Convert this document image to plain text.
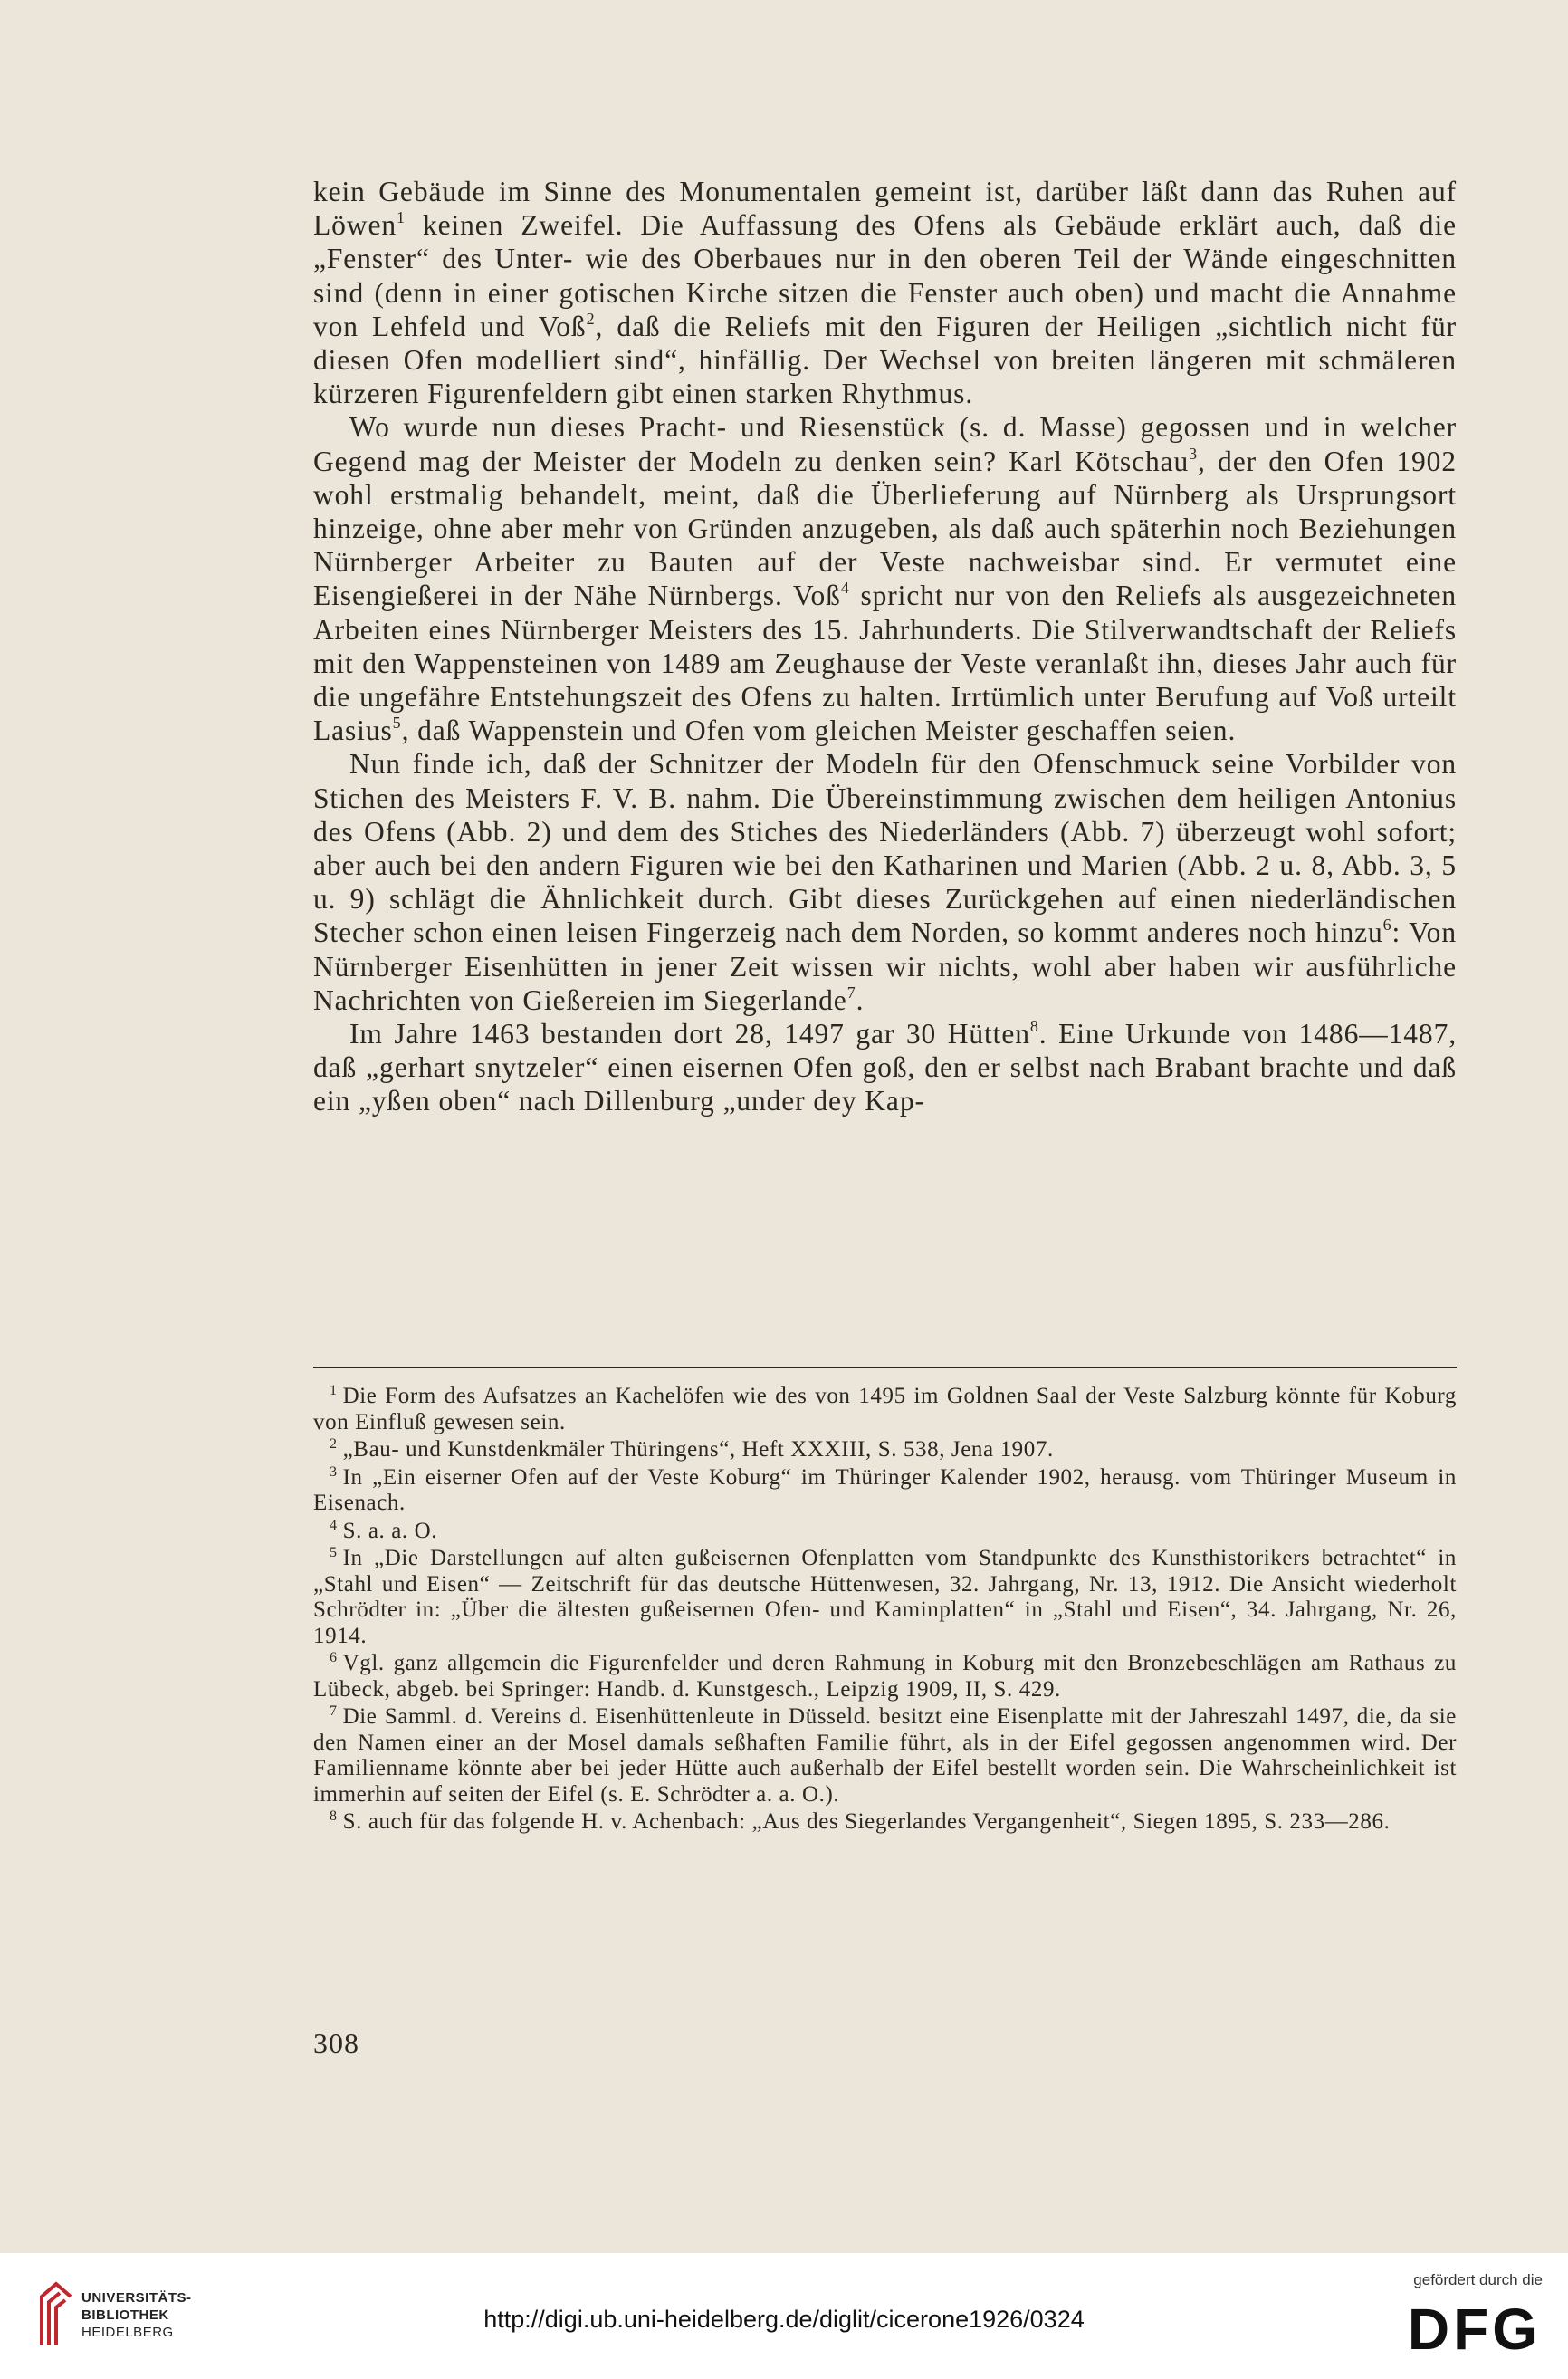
kein Gebäude im Sinne des Monumentalen gemeint ist, darüber läßt dann das Ruhen auf Löwen$^1$ keinen Zweifel. Die Auffassung des Ofens als Gebäude erklärt auch, daß die „Fenster“ des Unter- wie des Oberbaues nur in den oberen Teil der Wände eingeschnitten sind (denn in einer gotischen Kirche sitzen die Fenster auch oben) und macht die Annahme von Lehfeld und Voß$^2$, daß die Reliefs mit den Figuren der Heiligen „sichtlich nicht für diesen Ofen modelliert sind“, hinfällig. Der Wechsel von breiten längeren mit schmäleren kürzeren Figurenfeldern gibt einen starken Rhythmus.

Wo wurde nun dieses Pracht- und Riesenstück (s. d. Masse) gegossen und in welcher Gegend mag der Meister der Modeln zu denken sein? Karl Kötschau$^3$, der den Ofen 1902 wohl erstmalig behandelt, meint, daß die Überlieferung auf Nürnberg als Ursprungsort hinzeige, ohne aber mehr von Gründen anzugeben, als daß auch späterhin noch Beziehungen Nürnberger Arbeiter zu Bauten auf der Veste nachweisbar sind. Er vermutet eine Eisengießerei in der Nähe Nürnbergs. Voß$^4$ spricht nur von den Reliefs als ausgezeichneten Arbeiten eines Nürnberger Meisters des 15. Jahrhunderts. Die Stilverwandtschaft der Reliefs mit den Wappensteinen von 1489 am Zeughause der Veste veranlaßt ihn, dieses Jahr auch für die ungefähre Entstehungszeit des Ofens zu halten. Irrtümlich unter Berufung auf Voß urteilt Lasius$^5$, daß Wappenstein und Ofen vom gleichen Meister geschaffen seien.

Nun finde ich, daß der Schnitzer der Modeln für den Ofenschmuck seine Vorbilder von Stichen des Meisters F. V. B. nahm. Die Übereinstimmung zwischen dem heiligen Antonius des Ofens (Abb. 2) und dem des Stiches des Niederländers (Abb. 7) überzeugt wohl sofort; aber auch bei den andern Figuren wie bei den Katharinen und Marien (Abb. 2 u. 8, Abb. 3, 5 u. 9) schlägt die Ähnlichkeit durch. Gibt dieses Zurückgehen auf einen niederländischen Stecher schon einen leisen Fingerzeig nach dem Norden, so kommt anderes noch hinzu$^6$: Von Nürnberger Eisenhütten in jener Zeit wissen wir nichts, wohl aber haben wir ausführliche Nachrichten von Gießereien im Siegerlande$^7$.

Im Jahre 1463 bestanden dort 28, 1497 gar 30 Hütten$^8$. Eine Urkunde von 1486—1487, daß „gerhart snytzeler“ einen eisernen Ofen goß, den er selbst nach Brabant brachte und daß ein „yßen oben“ nach Dillenburg „under dey Kap-

$^1$ Die Form des Aufsatzes an Kachelöfen wie des von 1495 im Goldnen Saal der Veste Salzburg könnte für Koburg von Einfluß gewesen sein.

$^2$ „Bau- und Kunstdenkmäler Thüringens“, Heft XXXIII, S. 538, Jena 1907.

$^3$ In „Ein eiserner Ofen auf der Veste Koburg“ im Thüringer Kalender 1902, herausg. vom Thüringer Museum in Eisenach.

$^4$ S. a. a. O.

$^5$ In „Die Darstellungen auf alten gußeisernen Ofenplatten vom Standpunkte des Kunsthistorikers betrachtet“ in „Stahl und Eisen“ — Zeitschrift für das deutsche Hüttenwesen, 32. Jahrgang, Nr. 13, 1912. Die Ansicht wiederholt Schrödter in: „Über die ältesten gußeisernen Ofen- und Kaminplatten“ in „Stahl und Eisen“, 34. Jahrgang, Nr. 26, 1914.

$^6$ Vgl. ganz allgemein die Figurenfelder und deren Rahmung in Koburg mit den Bronzebeschlägen am Rathaus zu Lübeck, abgeb. bei Springer: Handb. d. Kunstgesch., Leipzig 1909, II, S. 429.

$^7$ Die Samml. d. Vereins d. Eisenhüttenleute in Düsseld. besitzt eine Eisenplatte mit der Jahreszahl 1497, die, da sie den Namen einer an der Mosel damals seßhaften Familie führt, als in der Eifel gegossen angenommen wird. Der Familienname könnte aber bei jeder Hütte auch außerhalb der Eifel bestellt worden sein. Die Wahrscheinlichkeit ist immerhin auf seiten der Eifel (s. E. Schrödter a. a. O.).

$^8$ S. auch für das folgende H. v. Achenbach: „Aus des Siegerlandes Vergangenheit“, Siegen 1895, S. 233—286.

308
UNIVERSITÄTS-
BIBLIOTHEK
HEIDELBERG	http://digi.ub.uni-heidelberg.de/diglit/cicerone1926/0324
gefördert durch die
DFG
